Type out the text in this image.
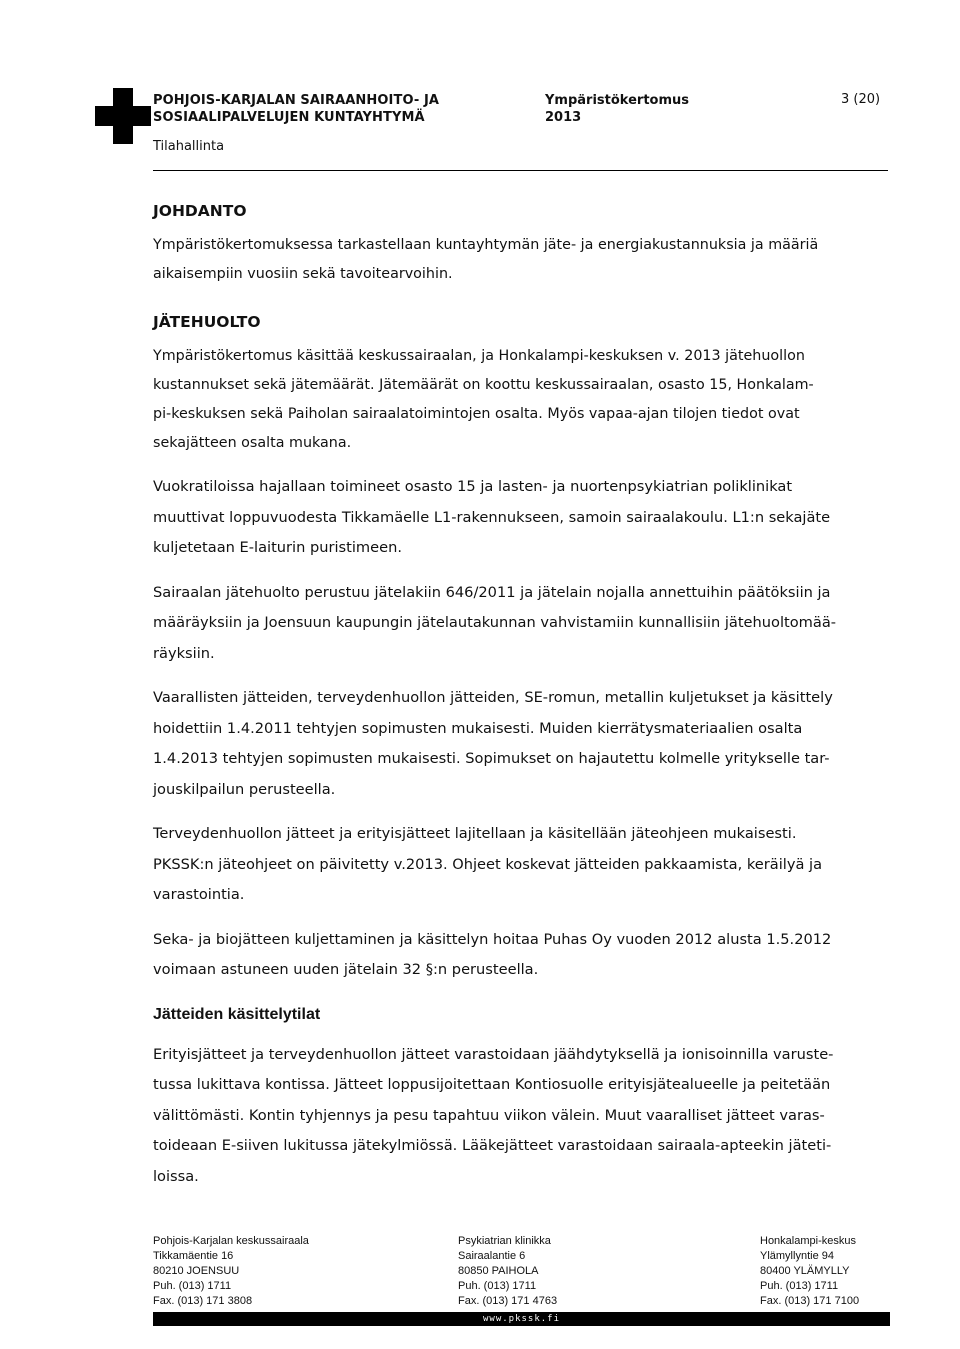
POHJOIS-KARJALAN SAIRAANHOITO- JA
SOSIAALIPALVELUJEN KUNTAYHTYMÄ
Tilahallinta
Ympäristökertomus
2013
3 (20)
JOHDANTO
Ympäristökertomuksessa tarkastellaan kuntayhtymän jäte- ja energiakustannuksia ja määriä
aikaisempiin vuosiin sekä tavoitearvoihin.
JÄTEHUOLTO
Ympäristökertomus käsittää keskussairaalan, ja Honkalampi-keskuksen v. 2013 jätehuollon
kustannukset sekä jätemäärät. Jätemäärät on koottu keskussairaalan, osasto 15, Honkalam-
pi-keskuksen sekä Paiholan sairaalatoimintojen osalta. Myös vapaa-ajan tilojen tiedot ovat
sekajätteen osalta mukana.
Vuokratiloissa hajallaan toimineet osasto 15 ja lasten- ja nuortenpsykiatrian poliklinikat
muuttivat loppuvuodesta Tikkamäelle L1-rakennukseen, samoin sairaalakoulu. L1:n sekajäte
kuljetetaan E-laiturin puristimeen.
Sairaalan jätehuolto perustuu jätelakiin 646/2011 ja jätelain nojalla annettuihin päätöksiin ja
määräyksiin ja Joensuun kaupungin jätelautakunnan vahvistamiin kunnallisiin jätehuoltomää-
räyksiin.
Vaarallisten jätteiden, terveydenhuollon jätteiden, SE-romun, metallin kuljetukset ja käsittely
hoidettiin 1.4.2011 tehtyjen sopimusten mukaisesti. Muiden kierrätysmateriaalien osalta
1.4.2013 tehtyjen sopimusten mukaisesti. Sopimukset on hajautettu kolmelle yritykselle tar-
jouskilpailun perusteella.
Terveydenhuollon jätteet ja erityisjätteet lajitellaan ja käsitellään jäteohjeen mukaisesti.
PKSSK:n jäteohjeet on päivitetty v.2013. Ohjeet koskevat jätteiden pakkaamista, keräilyä ja
varastointia.
Seka- ja biojätteen kuljettaminen ja käsittelyn hoitaa Puhas Oy vuoden 2012 alusta 1.5.2012
voimaan astuneen uuden jätelain 32 §:n perusteella.
Jätteiden käsittelytilat
Erityisjätteet ja terveydenhuollon jätteet varastoidaan jäähdytyksellä ja ionisoinnilla varuste-
tussa lukittava kontissa. Jätteet loppusijoitettaan Kontiosuolle erityisjätealueelle ja peitetään
välittömästi. Kontin tyhjennys ja pesu tapahtuu viikon välein. Muut vaaralliset jätteet varas-
toideaan E-siiven lukitussa jätekylmiössä. Lääkejätteet varastoidaan sairaala-apteekin jäteti-
loissa.
Pohjois-Karjalan keskussairaala
Tikkamäentie 16
80210 JOENSUU
Puh. (013) 1711
Fax. (013) 171 3808
Psykiatrian klinikka
Sairaalantie 6
80850 PAIHOLA
Puh. (013) 1711
Fax. (013) 171 4763
Honkalampi-keskus
Ylämyllyntie 94
80400 YLÄMYLLY
Puh. (013) 1711
Fax. (013) 171 7100
www.pkssk.fi
